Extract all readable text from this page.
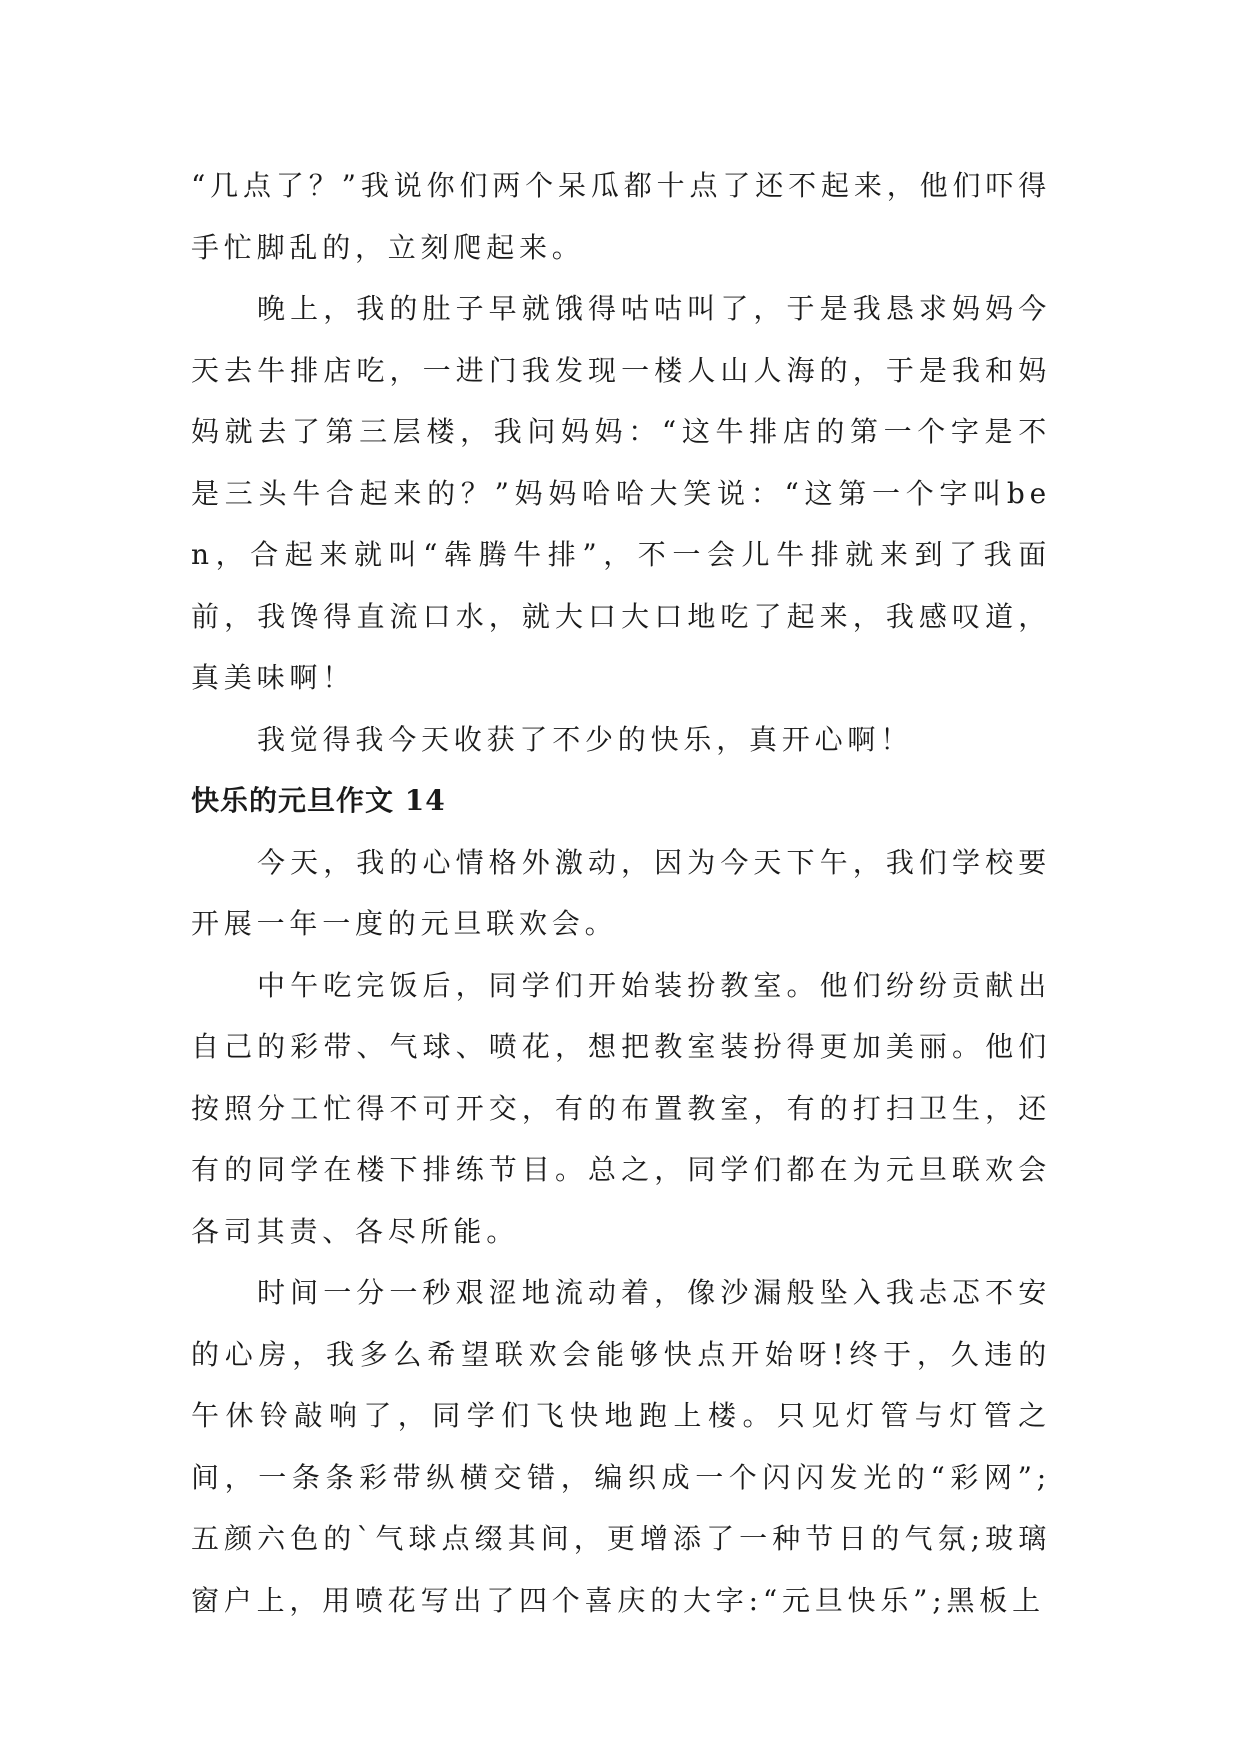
“几点了？”我说你们两个呆瓜都十点了还不起来，他们吓得手忙脚乱的，立刻爬起来。

晚上，我的肚子早就饿得咕咕叫了，于是我恳求妈妈今天去牛排店吃，一进门我发现一楼人山人海的，于是我和妈妈就去了第三层楼，我问妈妈：“这牛排店的第一个字是不是三头牛合起来的？”妈妈哈哈大笑说：“这第一个字叫ben，合起来就叫“犇腾牛排”，不一会儿牛排就来到了我面前，我馋得直流口水，就大口大口地吃了起来，我感叹道，真美味啊！

我觉得我今天收获了不少的快乐，真开心啊！

快乐的元旦作文 14

今天，我的心情格外激动，因为今天下午，我们学校要开展一年一度的元旦联欢会。

中午吃完饭后，同学们开始装扮教室。他们纷纷贡献出自己的彩带、气球、喷花，想把教室装扮得更加美丽。他们按照分工忙得不可开交，有的布置教室，有的打扫卫生，还有的同学在楼下排练节目。总之，同学们都在为元旦联欢会各司其责、各尽所能。

时间一分一秒艰涩地流动着，像沙漏般坠入我忐忑不安的心房，我多么希望联欢会能够快点开始呀!终于，久违的午休铃敲响了，同学们飞快地跑上楼。只见灯管与灯管之间，一条条彩带纵横交错，编织成一个闪闪发光的“彩网”;五颜六色的`气球点缀其间，更增添了一种节日的气氛;玻璃窗户上，用喷花写出了四个喜庆的大字:“元旦快乐”;黑板上
